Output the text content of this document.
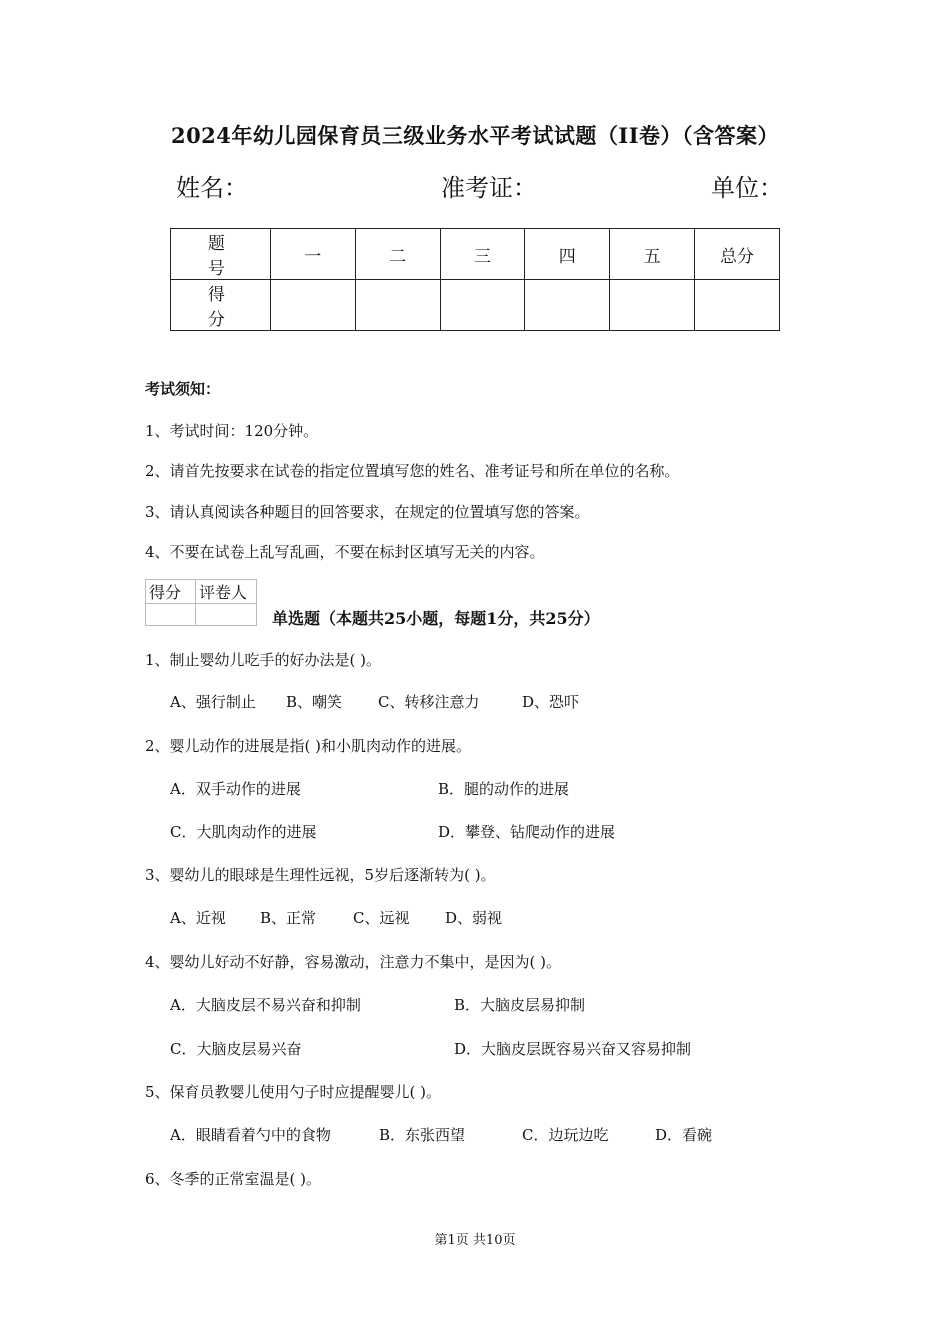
2024年幼儿园保育员三级业务水平考试试题（II卷）（含答案）
姓名：	准考证：	单位：
题 号	一	二	三	四	五	总分
得 分						
考试须知：
1、考试时间：120分钟。
2、请首先按要求在试卷的指定位置填写您的姓名、准考证号和所在单位的名称。
3、请认真阅读各种题目的回答要求，在规定的位置填写您的答案。
4、不要在试卷上乱写乱画，不要在标封区填写无关的内容。
得分	评卷人

单选题（本题共25小题，每题1分，共25分）
1、制止婴幼儿吃手的好办法是( )。
A、强行制止 B、嘲笑 C、转移注意力	D、恐吓
2、婴儿动作的进展是指( )和小肌肉动作的进展。
A．双手动作的进展	B．腿的动作的进展
C．大肌肉动作的进展	D．攀登、钻爬动作的进展
3、婴幼儿的眼球是生理性远视，5岁后逐渐转为( )。
A、近视 B、正常 C、远视 D、弱视
4、婴幼儿好动不好静，容易激动，注意力不集中，是因为( )。
A．大脑皮层不易兴奋和抑制	B．大脑皮层易抑制
C．大脑皮层易兴奋	D．大脑皮层既容易兴奋又容易抑制
5、保育员教婴儿使用勺子时应提醒婴儿( )。
A．眼睛看着勺中的食物	B．东张西望	C．边玩边吃	D．看碗
6、冬季的正常室温是( )。
第1页 共10页
